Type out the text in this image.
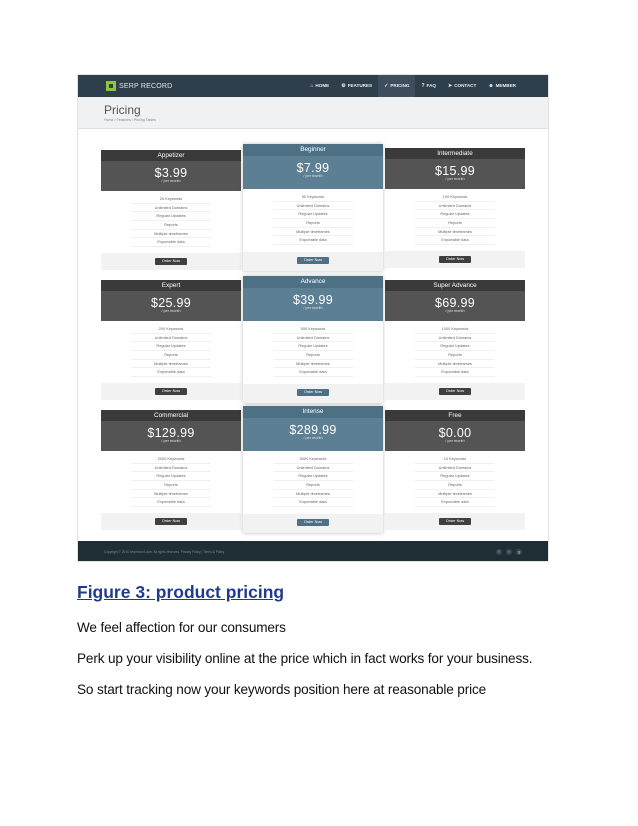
SERP RECORD	⌂ HOME	⚙ FEATURES	✓ PRICING	? FAQ	➤ CONTACT	☻ MEMBER
Pricing
Home / Features / Pricing Tables
Appetizer
$3.99
/ per month
25 Keywords
Unlimited Domains
Regular Updates
Reports
Multiple timeframes
Exportable data
Order Now
Beginner
$7.99
/ per month
50 Keywords
Unlimited Domains
Regular Updates
Reports
Multiple timeframes
Exportable data
Order Now
Intermediate
$15.99
/ per month
100 Keywords
Unlimited Domains
Regular Updates
Reports
Multiple timeframes
Exportable data
Order Now
Expert
$25.99
/ per month
200 Keywords
Unlimited Domains
Regular Updates
Reports
Multiple timeframes
Exportable data
Order Now
Advance
$39.99
/ per month
500 Keywords
Unlimited Domains
Regular Updates
Reports
Multiple timeframes
Exportable data
Order Now
Super Advance
$69.99
/ per month
1000 Keywords
Unlimited Domains
Regular Updates
Reports
Multiple timeframes
Exportable data
Order Now
Commercial
$129.99
/ per month
2000 Keywords
Unlimited Domains
Regular Updates
Reports
Multiple timeframes
Exportable data
Order Now
Intense
$289.99
/ per month
5000 Keywords
Unlimited Domains
Regular Updates
Reports
Multiple timeframes
Exportable data
Order Now
Free
$0.00
/ per month
10 Keywords
Unlimited Domains
Regular Updates
Reports
Multiple timeframes
Exportable data
Order Now
Copyright © 2014 serprecord.com. All rights reserved. Privacy Policy | Terms & Policy	f	t	g
Figure 3: product pricing
We feel affection for our consumers
Perk up your visibility online at the price which in fact works for your business.
So start tracking now your keywords position here at reasonable price
